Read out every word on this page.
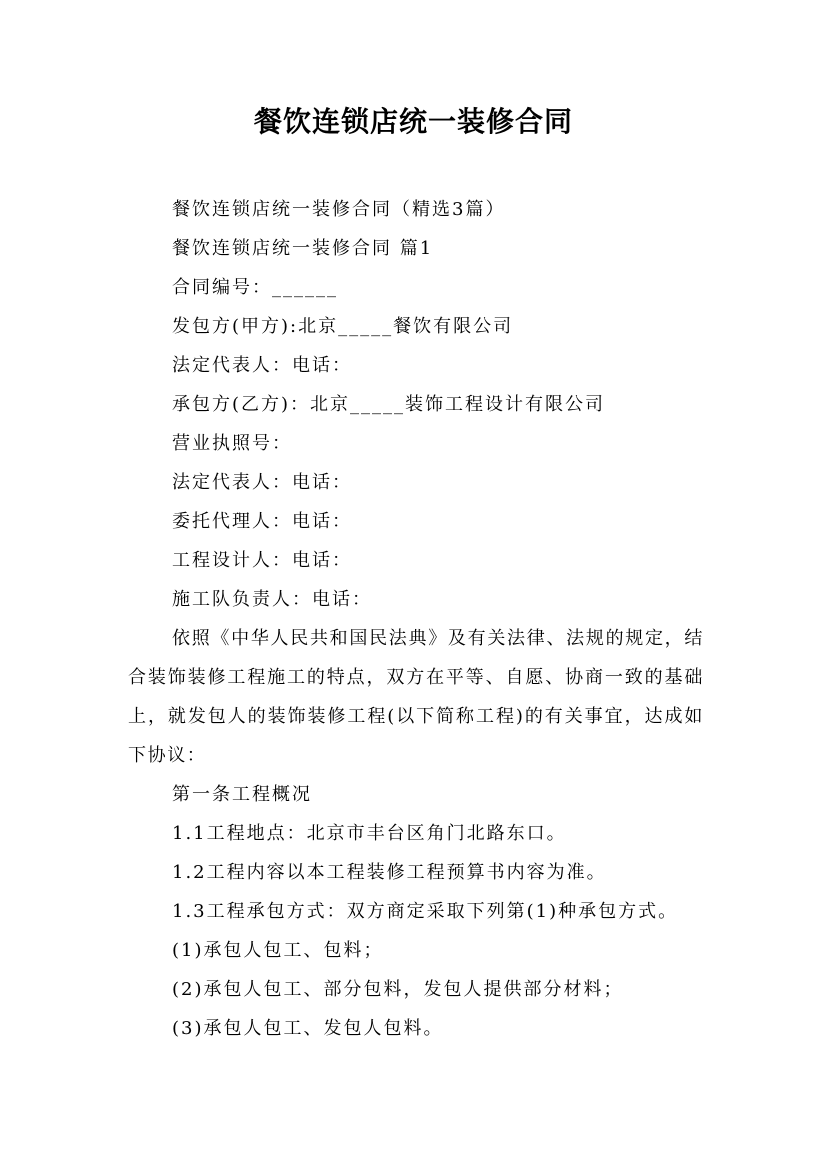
餐饮连锁店统一装修合同

餐饮连锁店统一装修合同（精选3篇）

餐饮连锁店统一装修合同 篇1

合同编号：______

发包方(甲方):北京_____餐饮有限公司

法定代表人：电话：

承包方(乙方)：北京_____装饰工程设计有限公司

营业执照号：

法定代表人：电话：

委托代理人：电话：

工程设计人：电话：

施工队负责人：电话：

依照《中华人民共和国民法典》及有关法律、法规的规定，结合装饰装修工程施工的特点，双方在平等、自愿、协商一致的基础上，就发包人的装饰装修工程(以下简称工程)的有关事宜，达成如下协议：

第一条工程概况

1.1工程地点：北京市丰台区角门北路东口。

1.2工程内容以本工程装修工程预算书内容为准。

1.3工程承包方式：双方商定采取下列第(1)种承包方式。

(1)承包人包工、包料；

(2)承包人包工、部分包料，发包人提供部分材料；

(3)承包人包工、发包人包料。
